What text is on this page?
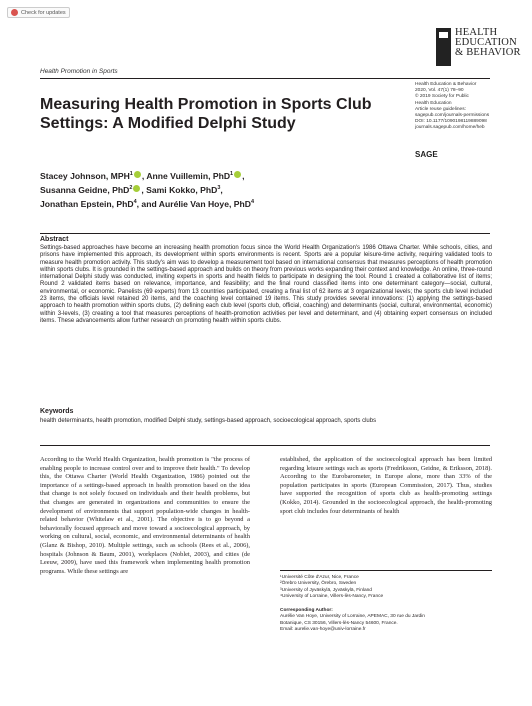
Check for updates
HEALTH
EDUCATION
& BEHAVIOR
Health Promotion in Sports
Measuring Health Promotion in Sports Club Settings: A Modified Delphi Study
Health Education & Behavior
2020, Vol. 47(1) 78–90
© 2019 Society for Public
Health Education
Article reuse guidelines:
sagepub.com/journals-permissions
DOI: 10.1177/1090198119889098
journals.sagepub.com/home/heb
SAGE
Stacey Johnson, MPH$^1$ , Anne Vuillemin, PhD$^1$ ,
Susanna Geidne, PhD$^2$ , Sami Kokko, PhD$^3$,
Jonathan Epstein, PhD$^4$, and Aurélie Van Hoye, PhD$^4$
Abstract
Settings-based approaches have become an increasing health promotion focus since the World Health Organization's 1986 Ottawa Charter. While schools, cities, and prisons have implemented this approach, its development within sports environments is recent. Sports are a popular leisure-time activity, requiring validated tools to measure health promotion activity. This study's aim was to develop a measurement tool based on international consensus that measures perceptions of health promotion within sports clubs. It is grounded in the settings-based approach and builds on theory from previous works expanding their context and knowledge. An online, three-round international Delphi study was conducted, inviting experts in sports and health fields to participate in designing the tool. Round 1 created a collaborative list of items; Round 2 validated items based on relevance, importance, and feasibility; and the final round classified items into one determinant category—social, cultural, environmental, or economic. Panelists (69 experts) from 13 countries participated, creating a final list of 62 items at 3 organizational levels; the sports club level included 23 items, the officials level retained 20 items, and the coaching level contained 19 items. This study provides several innovations: (1) applying the settings-based approach to health promotion within sports clubs, (2) defining each club level (sports club, official, coaching) and determinants (social, cultural, environmental, economic) within 3-levels, (3) creating a tool that measures perceptions of health-promotion activities per level and determinant, and (4) obtaining expert consensus on included items. These advancements allow further research on promoting health within sports clubs.
Keywords
health determinants, health promotion, modified Delphi study, settings-based approach, socioecological approach, sports clubs
According to the World Health Organization, health promotion is "the process of enabling people to increase control over and to improve their health." To develop this, the Ottawa Charter (World Health Organization, 1986) pointed out the importance of a settings-based approach in health promotion based on the idea that change is not solely focused on individuals and their health problems, but that changes are generated in organizations and communities to ensure the development of environments that support population-wide changes in health-related behavior (Whitelaw et al., 2001). The objective is to go beyond a behaviorally focused approach and move toward a socioecological approach, by working on cultural, social, economic, and environmental determinants of health (Glanz & Bishop, 2010). Multiple settings, such as schools (Rees et al., 2006), hospitals (Johnson & Baum, 2001), workplaces (Noblet, 2003), and cities (de Leeuw, 2009), have used this framework when implementing health promotion programs. While these settings are
established, the application of the socioecological approach has been limited regarding leisure settings such as sports (Fredriksson, Geidne, & Eriksson, 2018). According to the Eurobarometer, in Europe alone, more than 33% of the population participates in sports (European Commission, 2017). Thus, studies have supported the recognition of sports club as health-promoting settings (Kokko, 2014). Grounded in the socioecological approach, the health-promoting sport club includes four determinants of health
¹Université Côte d'Azur, Nice, France
²Örebro University, Örebro, Sweden
³University of Jyväskylä, Jyväskylä, Finland
⁴University of Lorraine, Villers-lès-Nancy, France
Corresponding Author:
Aurélie Van Hoye, University of Lorraine, APEMAC, 30 rue du Jardin
Botanique, CS 30156, Villers-lès-Nancy 54600, France.
Email: aurelie.van-hoye@univ-lorraine.fr
